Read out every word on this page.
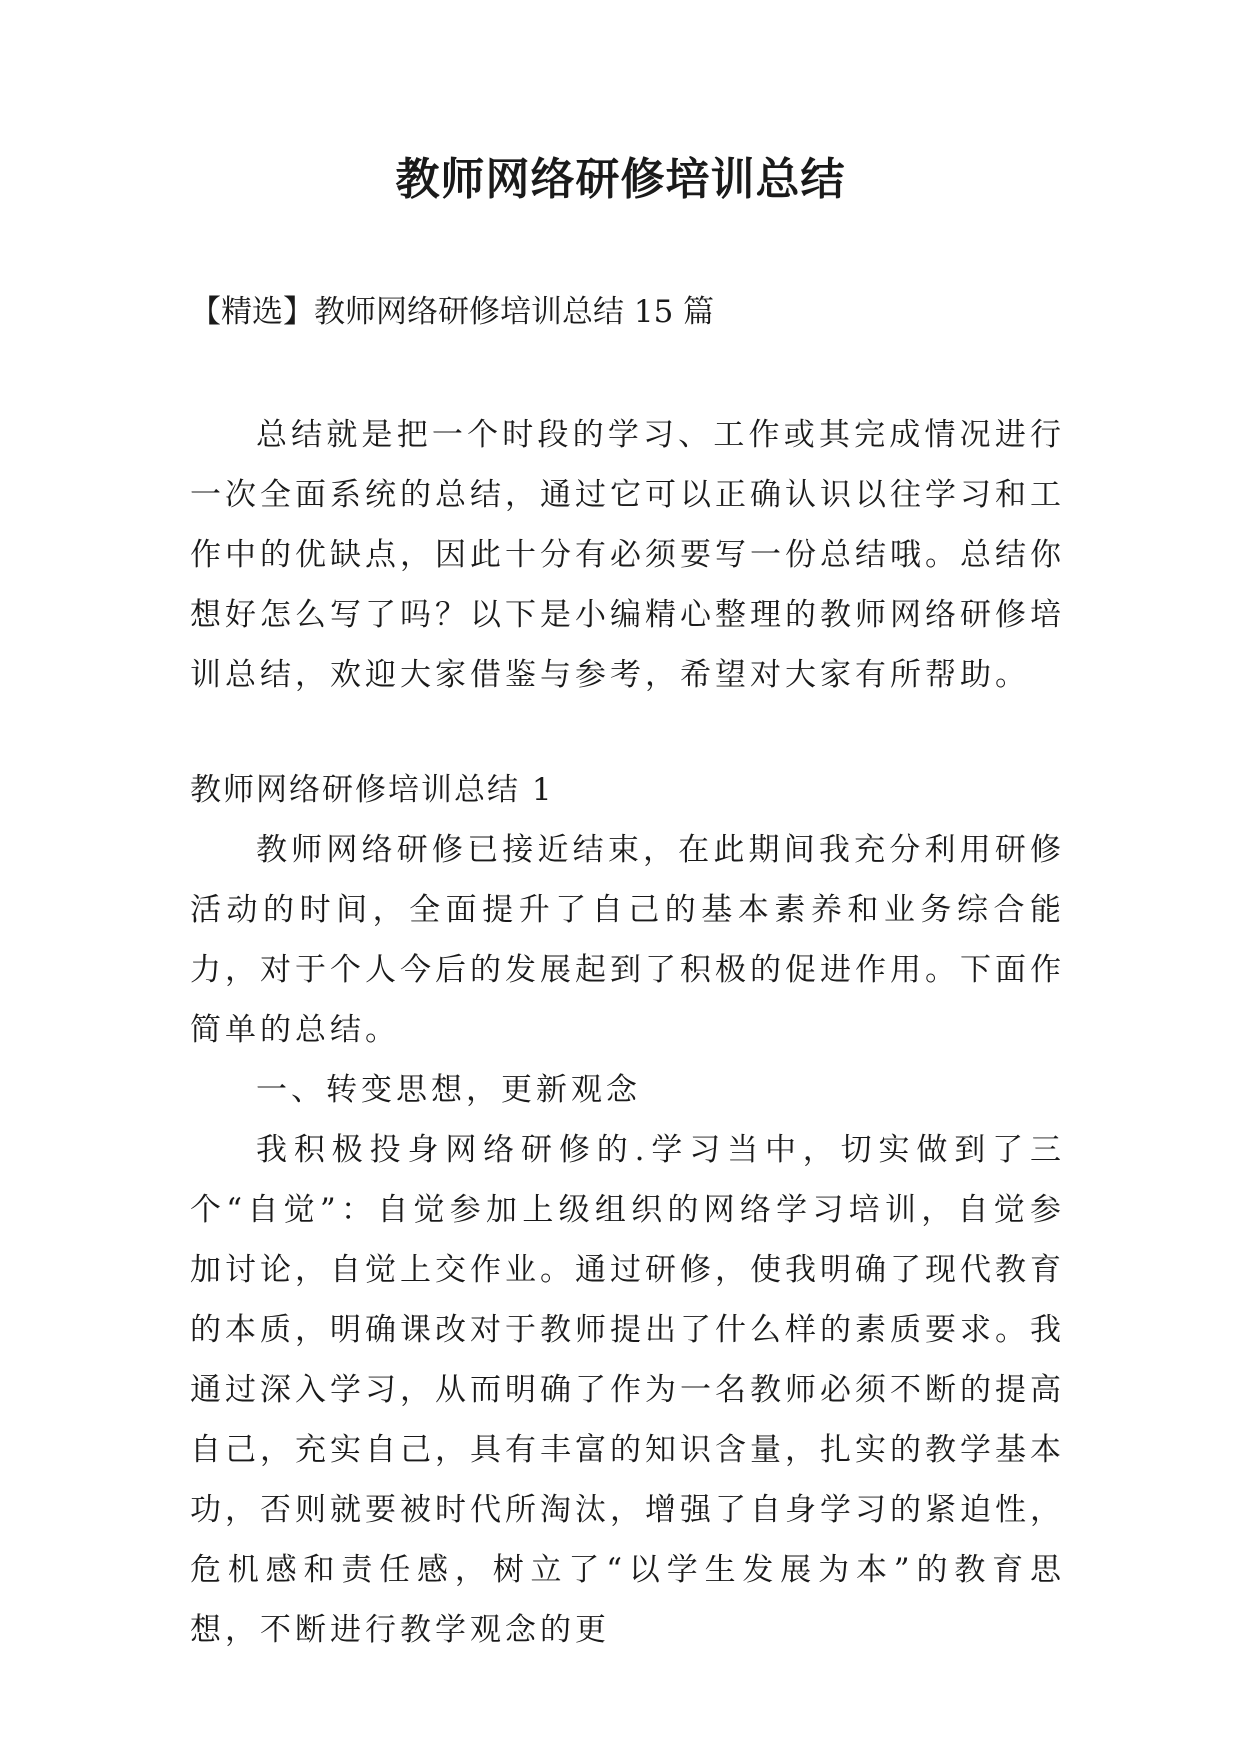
教师网络研修培训总结
【精选】教师网络研修培训总结 15 篇

总结就是把一个时段的学习、工作或其完成情况进行一次全面系统的总结，通过它可以正确认识以往学习和工作中的优缺点，因此十分有必须要写一份总结哦。总结你想好怎么写了吗？以下是小编精心整理的教师网络研修培训总结，欢迎大家借鉴与参考，希望对大家有所帮助。

教师网络研修培训总结 1

教师网络研修已接近结束，在此期间我充分利用研修活动的时间，全面提升了自己的基本素养和业务综合能力，对于个人今后的发展起到了积极的促进作用。下面作简单的总结。

一、转变思想，更新观念

我积极投身网络研修的.学习当中，切实做到了三个“自觉”：自觉参加上级组织的网络学习培训，自觉参加讨论，自觉上交作业。通过研修，使我明确了现代教育的本质，明确课改对于教师提出了什么样的素质要求。我通过深入学习，从而明确了作为一名教师必须不断的提高自己，充实自己，具有丰富的知识含量，扎实的教学基本功，否则就要被时代所淘汰，增强了自身学习的紧迫性，危机感和责任感，树立了“以学生发展为本”的教育思想，不断进行教学观念的更
